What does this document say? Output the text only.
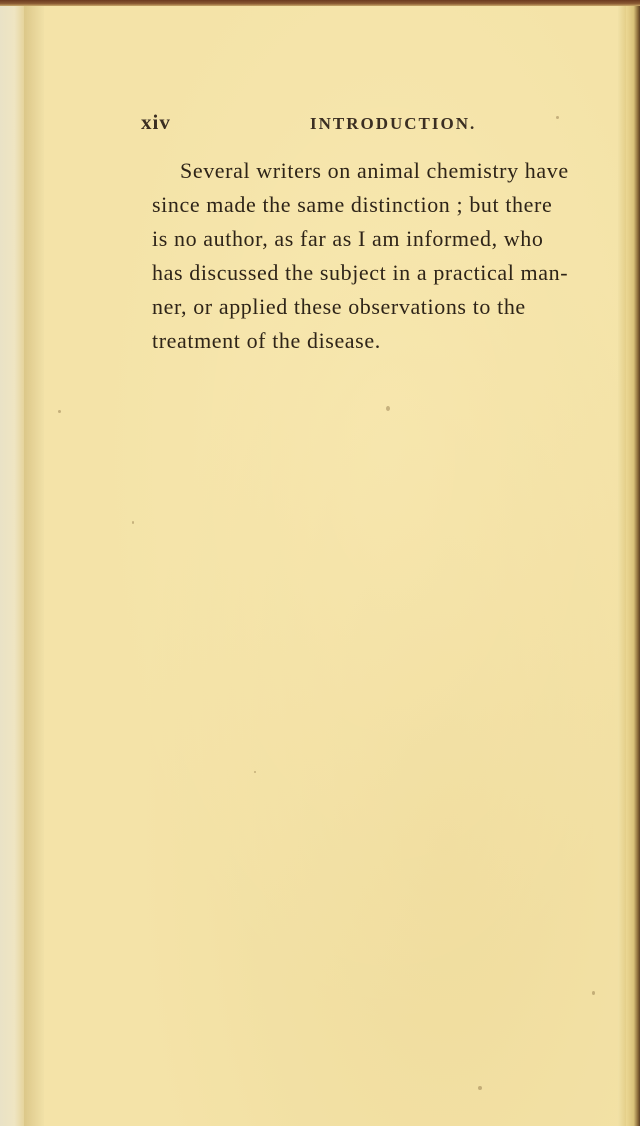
xiv	INTRODUCTION.
Several writers on animal chemistry have
since made the same distinction ; but there
is no author, as far as I am informed, who
has discussed the subject in a practical man-
ner, or applied these observations to the
treatment of the disease.
